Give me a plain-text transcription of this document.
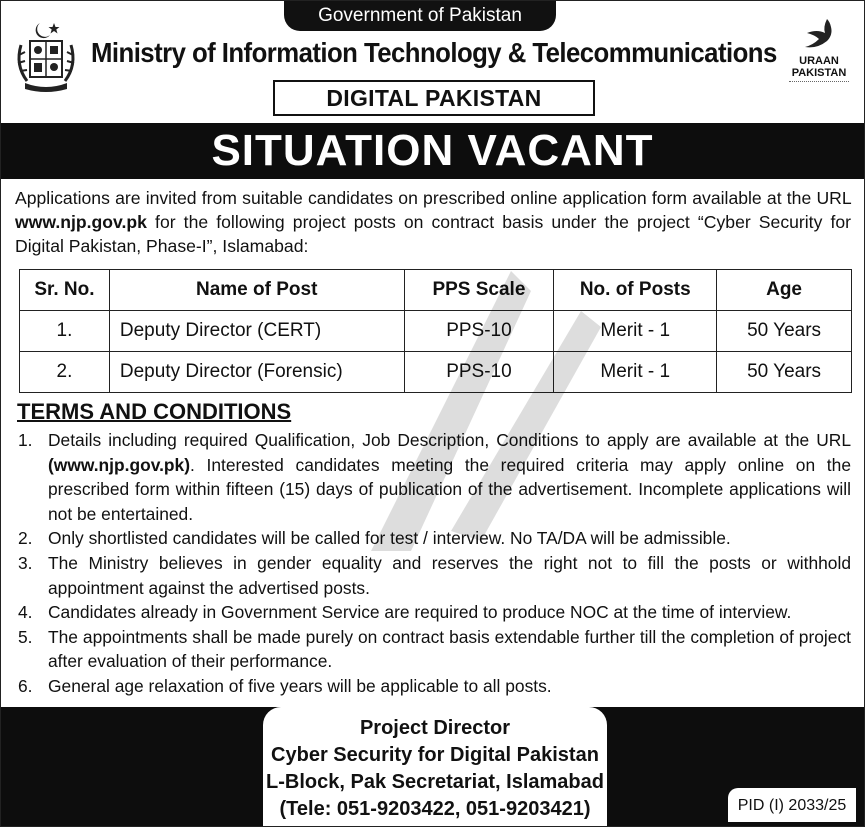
Government of Pakistan
Ministry of Information Technology & Telecommunications
DIGITAL PAKISTAN
URAAN
PAKISTAN
SITUATION VACANT
Applications are invited from suitable candidates on prescribed online application form available at the URL www.njp.gov.pk for the following project posts on contract basis under the project “Cyber Security for Digital Pakistan, Phase-I”, Islamabad:
Sr. No.	Name of Post	PPS Scale	No. of Posts	Age
1.	Deputy Director (CERT)	PPS-10	Merit - 1	50 Years
2.	Deputy Director (Forensic)	PPS-10	Merit - 1	50 Years
TERMS AND CONDITIONS
1. Details including required Qualification, Job Description, Conditions to apply are available at the URL (www.njp.gov.pk). Interested candidates meeting the required criteria may apply online on the prescribed form within fifteen (15) days of publication of the advertisement. Incomplete applications will not be entertained.
2. Only shortlisted candidates will be called for test / interview. No TA/DA will be admissible.
3. The Ministry believes in gender equality and reserves the right not to fill the posts or withhold appointment against the advertised posts.
4. Candidates already in Government Service are required to produce NOC at the time of interview.
5. The appointments shall be made purely on contract basis extendable further till the completion of project after evaluation of their performance.
6. General age relaxation of five years will be applicable to all posts.
Project Director
Cyber Security for Digital Pakistan
L-Block, Pak Secretariat, Islamabad
(Tele: 051-9203422, 051-9203421)	PID (I) 2033/25
